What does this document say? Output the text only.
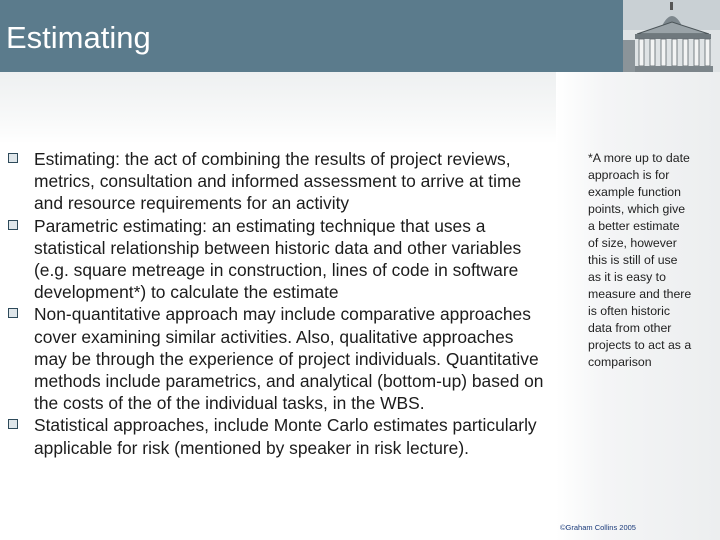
Estimating
Estimating: the act of combining the results of project reviews, metrics, consultation and informed assessment to arrive at time and resource requirements for an activity
Parametric estimating: an estimating technique that uses a statistical relationship between historic data and other variables (e.g. square metreage in construction, lines of code in software development*) to calculate the estimate
Non-quantitative approach may include comparative approaches cover examining similar activities. Also, qualitative approaches may be through the experience of project individuals. Quantitative methods include parametrics, and analytical (bottom-up) based on the costs of the of the individual tasks, in the WBS.
Statistical approaches, include Monte Carlo estimates particularly applicable for risk (mentioned by speaker in risk lecture).

*A more up to date approach is for example function points, which give a better estimate of size, however this is still of use as it is easy to measure and there is often historic data from other projects to act as a comparison

©Graham Collins 2005
